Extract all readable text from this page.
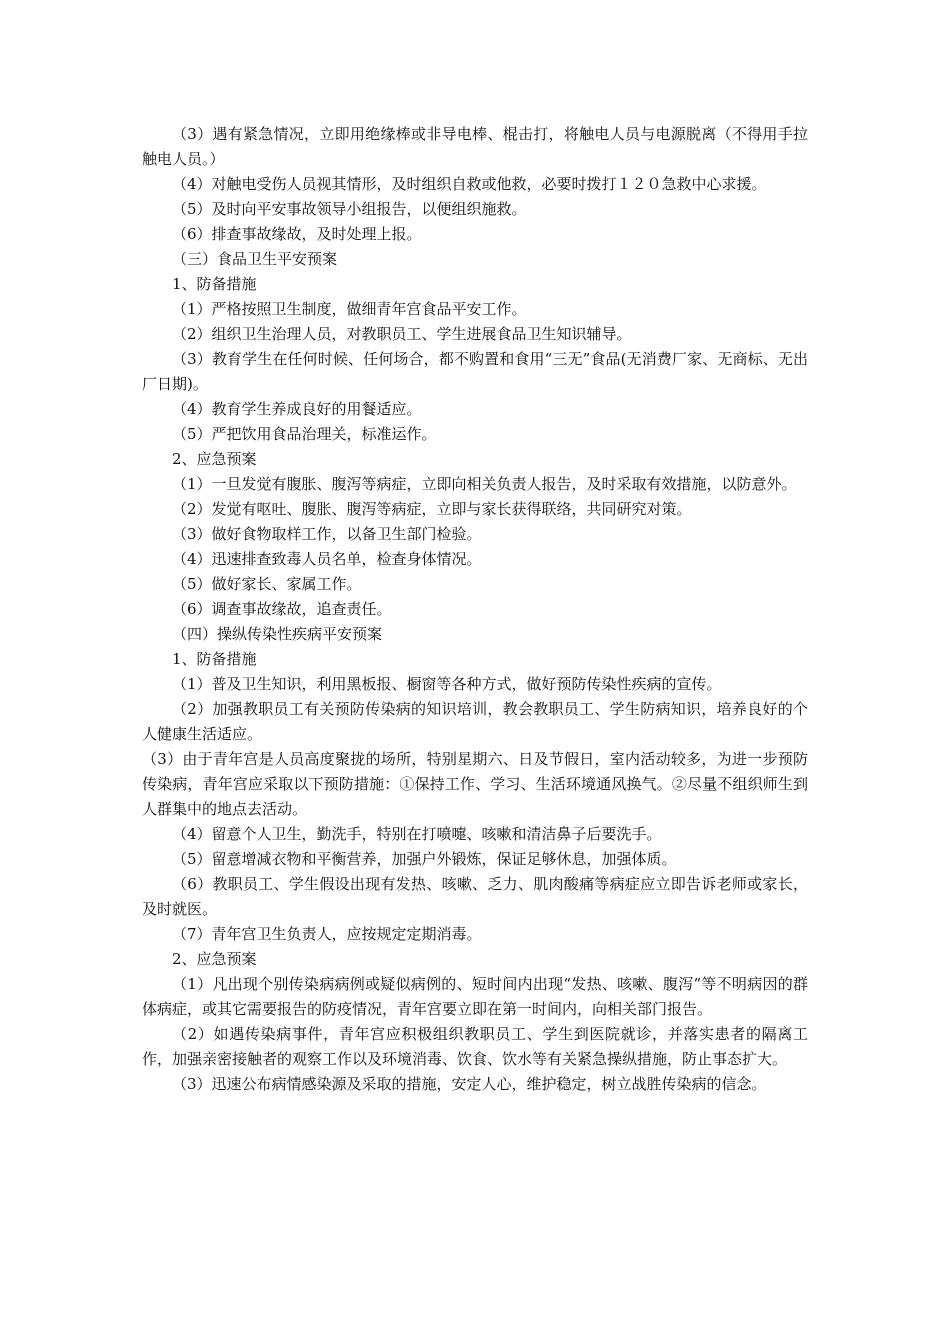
（3）遇有紧急情况，立即用绝缘棒或非导电棒、棍击打，将触电人员与电源脱离（不得用手拉触电人员。）

（4）对触电受伤人员视其情形，及时组织自救或他救，必要时拨打１２０急救中心求援。

（5）及时向平安事故领导小组报告，以便组织施救。

（6）排查事故缘故，及时处理上报。

（三）食品卫生平安预案

1、防备措施

（1）严格按照卫生制度，做细青年宫食品平安工作。

（2）组织卫生治理人员，对教职员工、学生进展食品卫生知识辅导。

（3）教育学生在任何时候、任何场合，都不购置和食用“三无”食品(无消费厂家、无商标、无出厂日期)。

（4）教育学生养成良好的用餐适应。

（5）严把饮用食品治理关，标准运作。

2、应急预案

（1）一旦发觉有腹胀、腹泻等病症，立即向相关负责人报告，及时采取有效措施，以防意外。

（2）发觉有呕吐、腹胀、腹泻等病症，立即与家长获得联络，共同研究对策。

（3）做好食物取样工作，以备卫生部门检验。

（4）迅速排查致毒人员名单，检查身体情况。

（5）做好家长、家属工作。

（6）调查事故缘故，追查责任。

（四）操纵传染性疾病平安预案

1、防备措施

（1）普及卫生知识，利用黑板报、橱窗等各种方式，做好预防传染性疾病的宣传。

（2）加强教职员工有关预防传染病的知识培训，教会教职员工、学生防病知识，培养良好的个人健康生活适应。

（3）由于青年宫是人员高度聚拢的场所，特别星期六、日及节假日，室内活动较多，为进一步预防传染病，青年宫应采取以下预防措施：①保持工作、学习、生活环境通风换气。②尽量不组织师生到人群集中的地点去活动。

（4）留意个人卫生，勤洗手，特别在打喷嚏、咳嗽和清洁鼻子后要洗手。

（5）留意增减衣物和平衡营养，加强户外锻炼，保证足够休息，加强体质。

（6）教职员工、学生假设出现有发热、咳嗽、乏力、肌肉酸痛等病症应立即告诉老师或家长，及时就医。

（7）青年宫卫生负责人，应按规定定期消毒。

2、应急预案

（1）凡出现个别传染病病例或疑似病例的、短时间内出现“发热、咳嗽、腹泻”等不明病因的群体病症，或其它需要报告的防疫情况，青年宫要立即在第一时间内，向相关部门报告。

（2）如遇传染病事件，青年宫应积极组织教职员工、学生到医院就诊，并落实患者的隔离工作，加强亲密接触者的观察工作以及环境消毒、饮食、饮水等有关紧急操纵措施，防止事态扩大。

（3）迅速公布病情感染源及采取的措施，安定人心，维护稳定，树立战胜传染病的信念。
